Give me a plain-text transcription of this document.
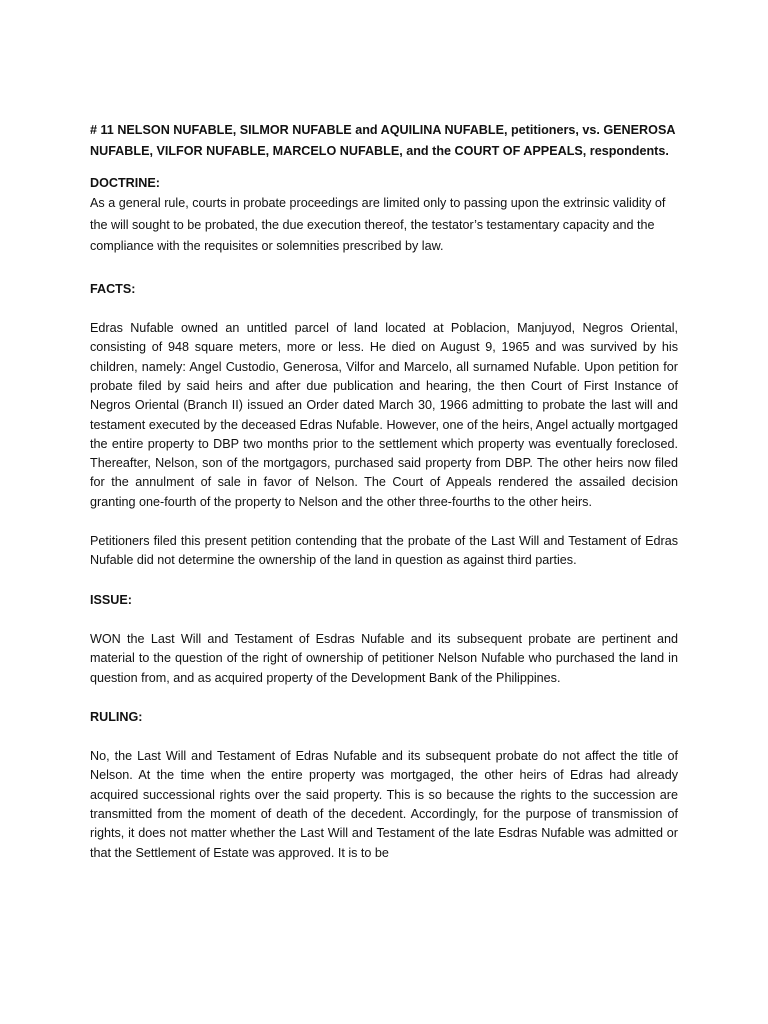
# 11 NELSON NUFABLE, SILMOR NUFABLE and AQUILINA NUFABLE, petitioners, vs. GENEROSA NUFABLE, VILFOR NUFABLE, MARCELO NUFABLE, and the COURT OF APPEALS, respondents.

DOCTRINE:

As a general rule, courts in probate proceedings are limited only to passing upon the extrinsic validity of the will sought to be probated, the due execution thereof, the testator’s testamentary capacity and the compliance with the requisites or solemnities prescribed by law.

FACTS:

Edras Nufable owned an untitled parcel of land located at Poblacion, Manjuyod, Negros Oriental, consisting of 948 square meters, more or less. He died on August 9, 1965 and was survived by his children, namely: Angel Custodio, Generosa, Vilfor and Marcelo, all surnamed Nufable. Upon petition for probate filed by said heirs and after due publication and hearing, the then Court of First Instance of Negros Oriental (Branch II) issued an Order dated March 30, 1966 admitting to probate the last will and testament executed by the deceased Edras Nufable. However, one of the heirs, Angel actually mortgaged the entire property to DBP two months prior to the settlement which property was eventually foreclosed. Thereafter, Nelson, son of the mortgagors, purchased said property from DBP. The other heirs now filed for the annulment of sale in favor of Nelson. The Court of Appeals rendered the assailed decision granting one-fourth of the property to Nelson and the other three-fourths to the other heirs.

Petitioners filed this present petition contending that the probate of the Last Will and Testament of Edras Nufable did not determine the ownership of the land in question as against third parties.

ISSUE:

WON the Last Will and Testament of Esdras Nufable and its subsequent probate are pertinent and material to the question of the right of ownership of petitioner Nelson Nufable who purchased the land in question from, and as acquired property of the Development Bank of the Philippines.

RULING:

No, the Last Will and Testament of Edras Nufable and its subsequent probate do not affect the title of Nelson. At the time when the entire property was mortgaged, the other heirs of Edras had already acquired successional rights over the said property. This is so because the rights to the succession are transmitted from the moment of death of the decedent. Accordingly, for the purpose of transmission of rights, it does not matter whether the Last Will and Testament of the late Esdras Nufable was admitted or that the Settlement of Estate was approved. It is to be
